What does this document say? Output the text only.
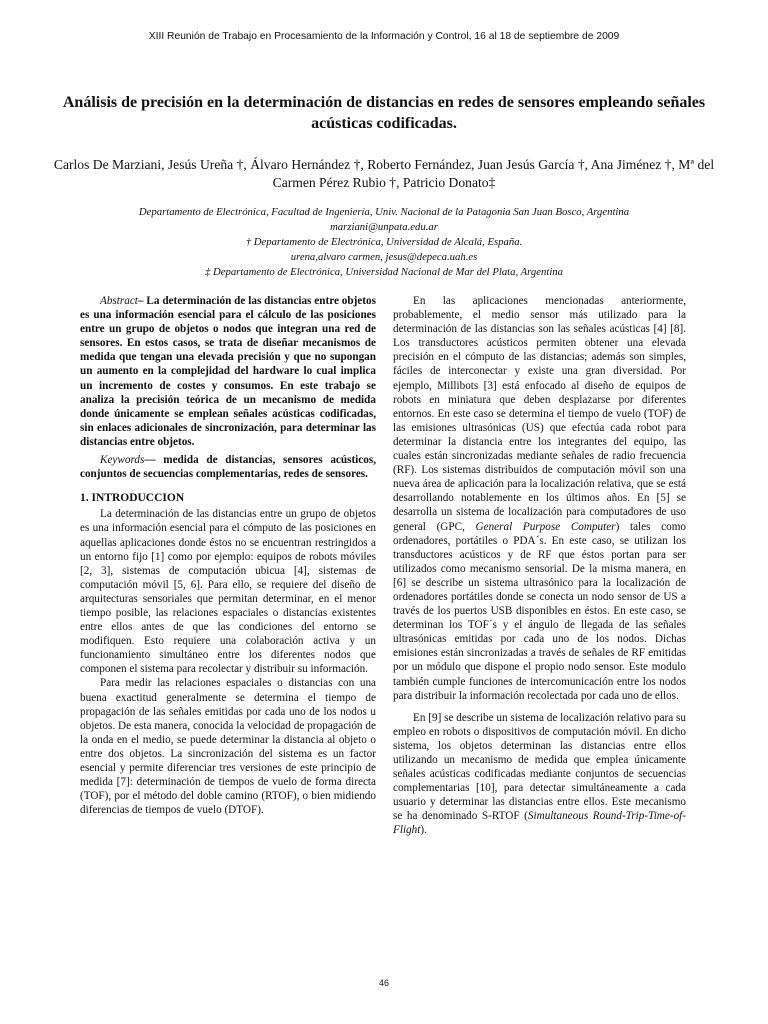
XIII Reunión de Trabajo en Procesamiento de la Información y Control, 16 al 18 de septiembre de 2009
Análisis de precisión en la determinación de distancias en redes de sensores empleando señales acústicas codificadas.
Carlos De Marziani, Jesús Ureña †, Álvaro Hernández †, Roberto Fernández, Juan Jesús García †, Ana Jiménez †, Mª del Carmen Pérez Rubio †, Patricio Donato‡
Departamento de Electrónica, Facultad de Ingeniería, Univ. Nacional de la Patagonia San Juan Bosco, Argentina
marziani@unpata.edu.ar
† Departamento de Electrónica, Universidad de Alcalá, España.
urena,alvaro carmen, jesus@depeca.uah.es
‡ Departamento de Electrónica, Universidad Nacional de Mar del Plata, Argentina

Abstract– La determinación de las distancias entre objetos es una información esencial para el cálculo de las posiciones entre un grupo de objetos o nodos que integran una red de sensores. En estos casos, se trata de diseñar mecanismos de medida que tengan una elevada precisión y que no supongan un aumento en la complejidad del hardware lo cual implica un incremento de costes y consumos. En este trabajo se analiza la precisión teórica de un mecanismo de medida donde únicamente se emplean señales acústicas codificadas, sin enlaces adicionales de sincronización, para determinar las distancias entre objetos.

Keywords— medida de distancias, sensores acústicos, conjuntos de secuencias complementarias, redes de sensores.

1. INTRODUCCION

La determinación de las distancias entre un grupo de objetos es una información esencial para el cómputo de las posiciones en aquellas aplicaciones donde éstos no se encuentran restringidos a un entorno fijo [1] como por ejemplo: equipos de robots móviles [2, 3], sistemas de computación ubicua [4], sistemas de computación móvil [5, 6]. Para ello, se requiere del diseño de arquitecturas sensoriales que permitan determinar, en el menor tiempo posible, las relaciones espaciales o distancias existentes entre ellos antes de que las condiciones del entorno se modifiquen. Esto requiere una colaboración activa y un funcionamiento simultáneo entre los diferentes nodos que componen el sistema para recolectar y distribuir su información.

Para medir las relaciones espaciales o distancias con una buena exactitud generalmente se determina el tiempo de propagación de las señales emitidas por cada uno de los nodos u objetos. De esta manera, conocida la velocidad de propagación de la onda en el medio, se puede determinar la distancia al objeto o entre dos objetos. La sincronización del sistema es un factor esencial y permite diferenciar tres versiones de este principio de medida [7]: determinación de tiempos de vuelo de forma directa (TOF), por el método del doble camino (RTOF), o bien midiendo diferencias de tiempos de vuelo (DTOF).

En las aplicaciones mencionadas anteriormente, probablemente, el medio sensor más utilizado para la determinación de las distancias son las señales acústicas [4] [8]. Los transductores acústicos permiten obtener una elevada precisión en el cómputo de las distancias; además son simples, fáciles de interconectar y existe una gran diversidad. Por ejemplo, Millibots [3] está enfocado al diseño de equipos de robots en miniatura que deben desplazarse por diferentes entornos. En este caso se determina el tiempo de vuelo (TOF) de las emisiones ultrasónicas (US) que efectúa cada robot para determinar la distancia entre los integrantes del equipo, las cuales están sincronizadas mediante señales de radio frecuencia (RF). Los sistemas distribuidos de computación móvil son una nueva área de aplicación para la localización relativa, que se está desarrollando notablemente en los últimos años. En [5] se desarrolla un sistema de localización para computadores de uso general (GPC, General Purpose Computer) tales como ordenadores, portátiles o PDA´s. En este caso, se utilizan los transductores acústicos y de RF que éstos portan para ser utilizados como mecanismo sensorial. De la misma manera, en [6] se describe un sistema ultrasónico para la localización de ordenadores portátiles donde se conecta un nodo sensor de US a través de los puertos USB disponibles en éstos. En este caso, se determinan los TOF´s y el ángulo de llegada de las señales ultrasónicas emitidas por cada uno de los nodos. Dichas emisiones están sincronizadas a través de señales de RF emitidas por un módulo que dispone el propio nodo sensor. Este modulo también cumple funciones de intercomunicación entre los nodos para distribuir la información recolectada por cada uno de ellos.

En [9] se describe un sistema de localización relativo para su empleo en robots o dispositivos de computación móvil. En dicho sistema, los objetos determinan las distancias entre ellos utilizando un mecanismo de medida que emplea únicamente señales acústicas codificadas mediante conjuntos de secuencias complementarias [10], para detectar simultáneamente a cada usuario y determinar las distancias entre ellos. Este mecanismo se ha denominado S-RTOF (Simultaneous Round-Trip-Time-of-Flight).

46
